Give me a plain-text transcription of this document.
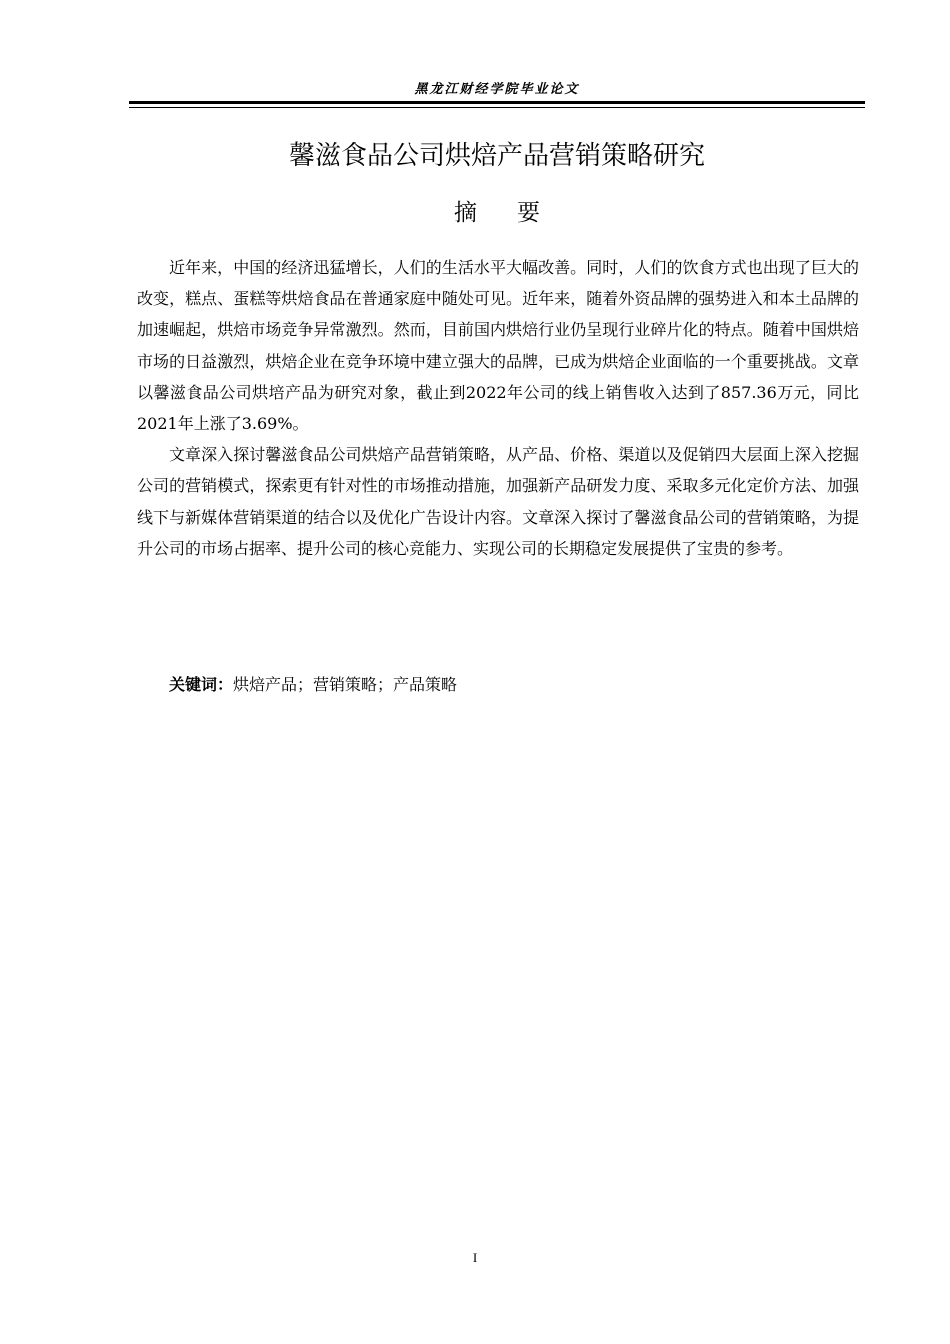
黑龙江财经学院毕业论文
馨滋食品公司烘焙产品营销策略研究
摘要

近年来，中国的经济迅猛增长，人们的生活水平大幅改善。同时，人们的饮食方式也出现了巨大的改变，糕点、蛋糕等烘焙食品在普通家庭中随处可见。近年来，随着外资品牌的强势进入和本土品牌的加速崛起，烘焙市场竞争异常激烈。然而，目前国内烘焙行业仍呈现行业碎片化的特点。随着中国烘焙市场的日益激烈，烘焙企业在竞争环境中建立强大的品牌，已成为烘焙企业面临的一个重要挑战。文章以馨滋食品公司烘培产品为研究对象，截止到2022年公司的线上销售收入达到了857.36万元，同比2021年上涨了3.69%。

文章深入探讨馨滋食品公司烘焙产品营销策略，从产品、价格、渠道以及促销四大层面上深入挖掘公司的营销模式，探索更有针对性的市场推动措施，加强新产品研发力度、采取多元化定价方法、加强线下与新媒体营销渠道的结合以及优化广告设计内容。文章深入探讨了馨滋食品公司的营销策略，为提升公司的市场占据率、提升公司的核心竞能力、实现公司的长期稳定发展提供了宝贵的参考。

关键词：烘焙产品；营销策略；产品策略
I
